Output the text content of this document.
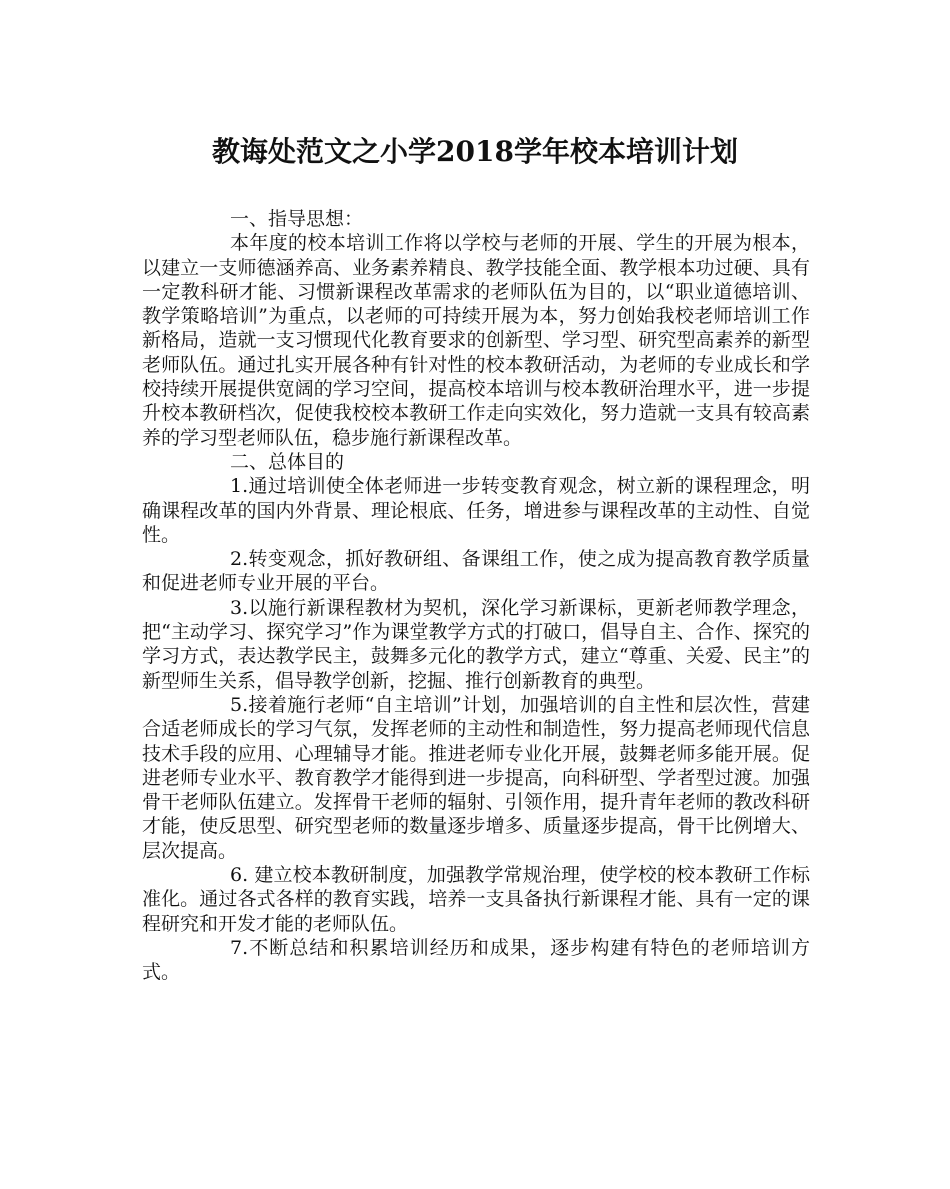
教诲处范文之小学2018学年校本培训计划

一、指导思想：

本年度的校本培训工作将以学校与老师的开展、学生的开展为根本，以建立一支师德涵养高、业务素养精良、教学技能全面、教学根本功过硬、具有一定教科研才能、习惯新课程改革需求的老师队伍为目的，以“职业道德培训、教学策略培训”为重点，以老师的可持续开展为本，努力创始我校老师培训工作新格局，造就一支习惯现代化教育要求的创新型、学习型、研究型高素养的新型老师队伍。通过扎实开展各种有针对性的校本教研活动，为老师的专业成长和学校持续开展提供宽阔的学习空间，提高校本培训与校本教研治理水平，进一步提升校本教研档次，促使我校校本教研工作走向实效化，努力造就一支具有较高素养的学习型老师队伍，稳步施行新课程改革。

二、总体目的

1.通过培训使全体老师进一步转变教育观念，树立新的课程理念，明确课程改革的国内外背景、理论根底、任务，增进参与课程改革的主动性、自觉性。

2.转变观念，抓好教研组、备课组工作，使之成为提高教育教学质量和促进老师专业开展的平台。

3.以施行新课程教材为契机，深化学习新课标，更新老师教学理念，把“主动学习、探究学习”作为课堂教学方式的打破口，倡导自主、合作、探究的学习方式，表达教学民主，鼓舞多元化的教学方式，建立“尊重、关爱、民主”的新型师生关系，倡导教学创新，挖掘、推行创新教育的典型。

5.接着施行老师“自主培训”计划，加强培训的自主性和层次性，营建合适老师成长的学习气氛，发挥老师的主动性和制造性，努力提高老师现代信息技术手段的应用、心理辅导才能。推进老师专业化开展，鼓舞老师多能开展。促进老师专业水平、教育教学才能得到进一步提高，向科研型、学者型过渡。加强骨干老师队伍建立。发挥骨干老师的辐射、引领作用，提升青年老师的教改科研才能，使反思型、研究型老师的数量逐步增多、质量逐步提高，骨干比例增大、层次提高。

6. 建立校本教研制度，加强教学常规治理，使学校的校本教研工作标准化。通过各式各样的教育实践，培养一支具备执行新课程才能、具有一定的课程研究和开发才能的老师队伍。

7.不断总结和积累培训经历和成果，逐步构建有特色的老师培训方式。
